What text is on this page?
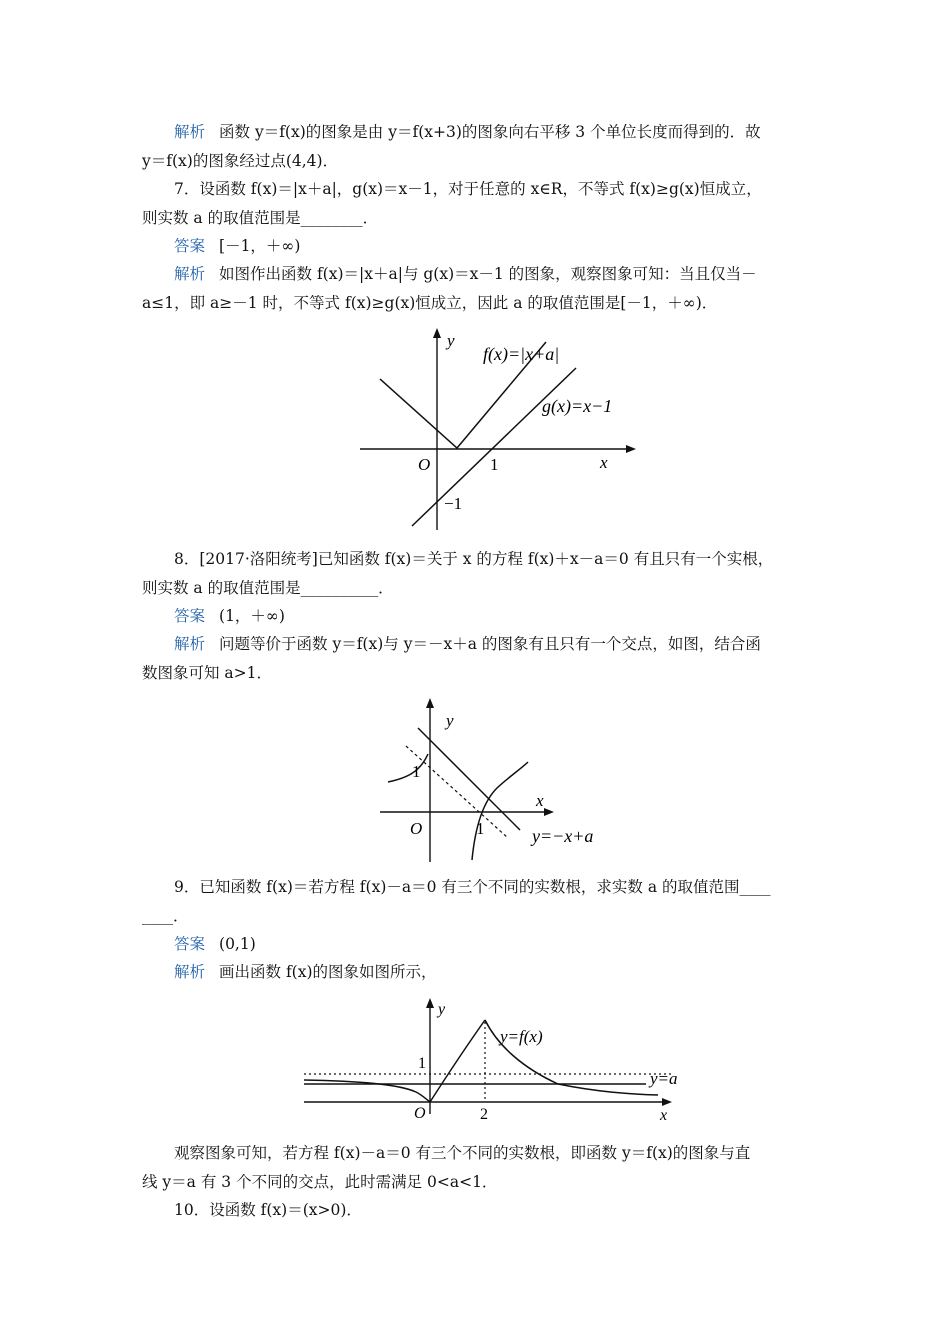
解析 函数 y＝f(x)的图象是由 y＝f(x+3)的图象向右平移 3 个单位长度而得到的．故
y＝f(x)的图象经过点(4,4)．
7．设函数 f(x)＝|x＋a|，g(x)＝x－1，对于任意的 x∈R，不等式 f(x)≥g(x)恒成立，
则实数 a 的取值范围是________．
答案 [－1，＋∞)
解析 如图作出函数 f(x)＝|x＋a|与 g(x)＝x－1 的图象，观察图象可知：当且仅当－
a≤1，即 a≥－1 时，不等式 f(x)≥g(x)恒成立，因此 a 的取值范围是[－1，＋∞)．
y
f(x)=|x+a|
g(x)=x−1
O	1	x
−1
8．[2017·洛阳统考]已知函数 f(x)＝关于 x 的方程 f(x)＋x－a＝0 有且只有一个实根，
则实数 a 的取值范围是__________．
答案 (1，＋∞)
解析 问题等价于函数 y＝f(x)与 y＝－x＋a 的图象有且只有一个交点，如图，结合函
数图象可知 a>1．
y
1
x
O	1	y=−x+a
9．已知函数 f(x)＝若方程 f(x)－a＝0 有三个不同的实数根，求实数 a 的取值范围____
____．
答案 (0,1)
解析 画出函数 f(x)的图象如图所示，
y
y=f(x)
1
y=a
O	2	x
观察图象可知，若方程 f(x)－a＝0 有三个不同的实数根，即函数 y＝f(x)的图象与直
线 y＝a 有 3 个不同的交点，此时需满足 0<a<1．
10．设函数 f(x)＝(x>0)．
